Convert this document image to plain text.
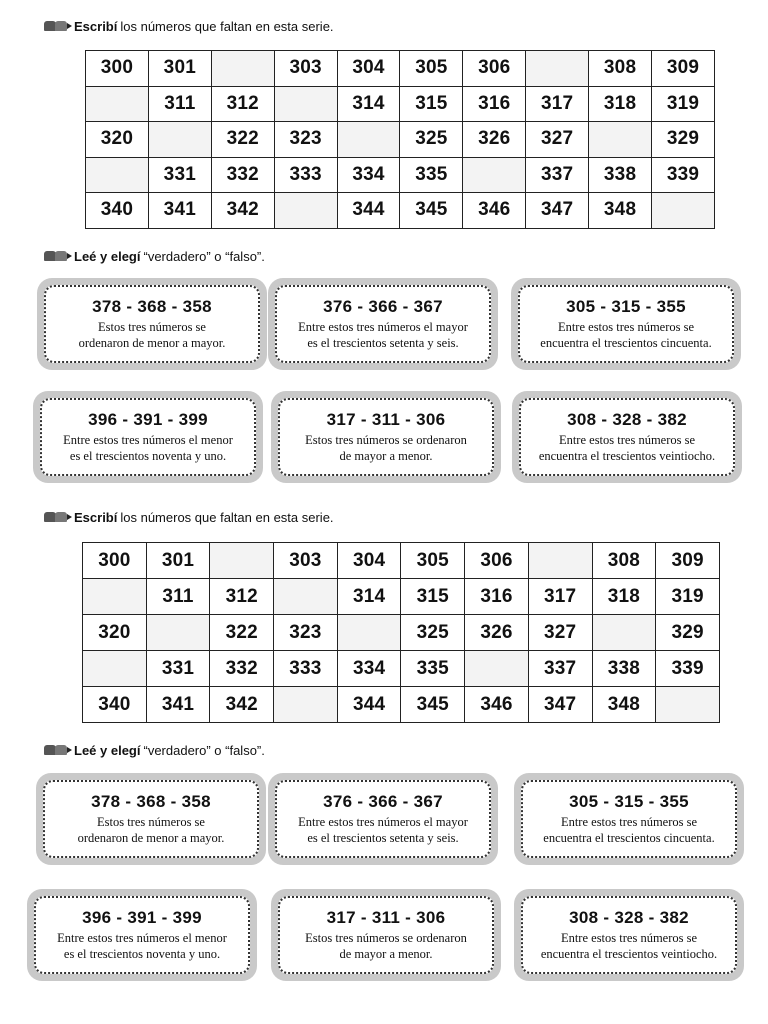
Escribí los números que faltan en esta serie.
300	301		303	304	305	306		308	309
	311	312		314	315	316	317	318	319
320		322	323		325	326	327		329
	331	332	333	334	335		337	338	339
340	341	342		344	345	346	347	348	
Leé y elegí “verdadero” o “falso”.
378 - 368 - 358
Estos tres números se
ordenaron de menor a mayor.
376 - 366 - 367
Entre estos tres números el mayor
es el trescientos setenta y seis.
305 - 315 - 355
Entre estos tres números se
encuentra el trescientos cincuenta.
396 - 391 - 399
Entre estos tres números el menor
es el trescientos noventa y uno.
317 - 311 - 306
Estos tres números se ordenaron
de mayor a menor.
308 - 328 - 382
Entre estos tres números se
encuentra el trescientos veintiocho.
Escribí los números que faltan en esta serie.
300	301		303	304	305	306		308	309
	311	312		314	315	316	317	318	319
320		322	323		325	326	327		329
	331	332	333	334	335		337	338	339
340	341	342		344	345	346	347	348	
Leé y elegí “verdadero” o “falso”.
378 - 368 - 358
Estos tres números se
ordenaron de menor a mayor.
376 - 366 - 367
Entre estos tres números el mayor
es el trescientos setenta y seis.
305 - 315 - 355
Entre estos tres números se
encuentra el trescientos cincuenta.
396 - 391 - 399
Entre estos tres números el menor
es el trescientos noventa y uno.
317 - 311 - 306
Estos tres números se ordenaron
de mayor a menor.
308 - 328 - 382
Entre estos tres números se
encuentra el trescientos veintiocho.
